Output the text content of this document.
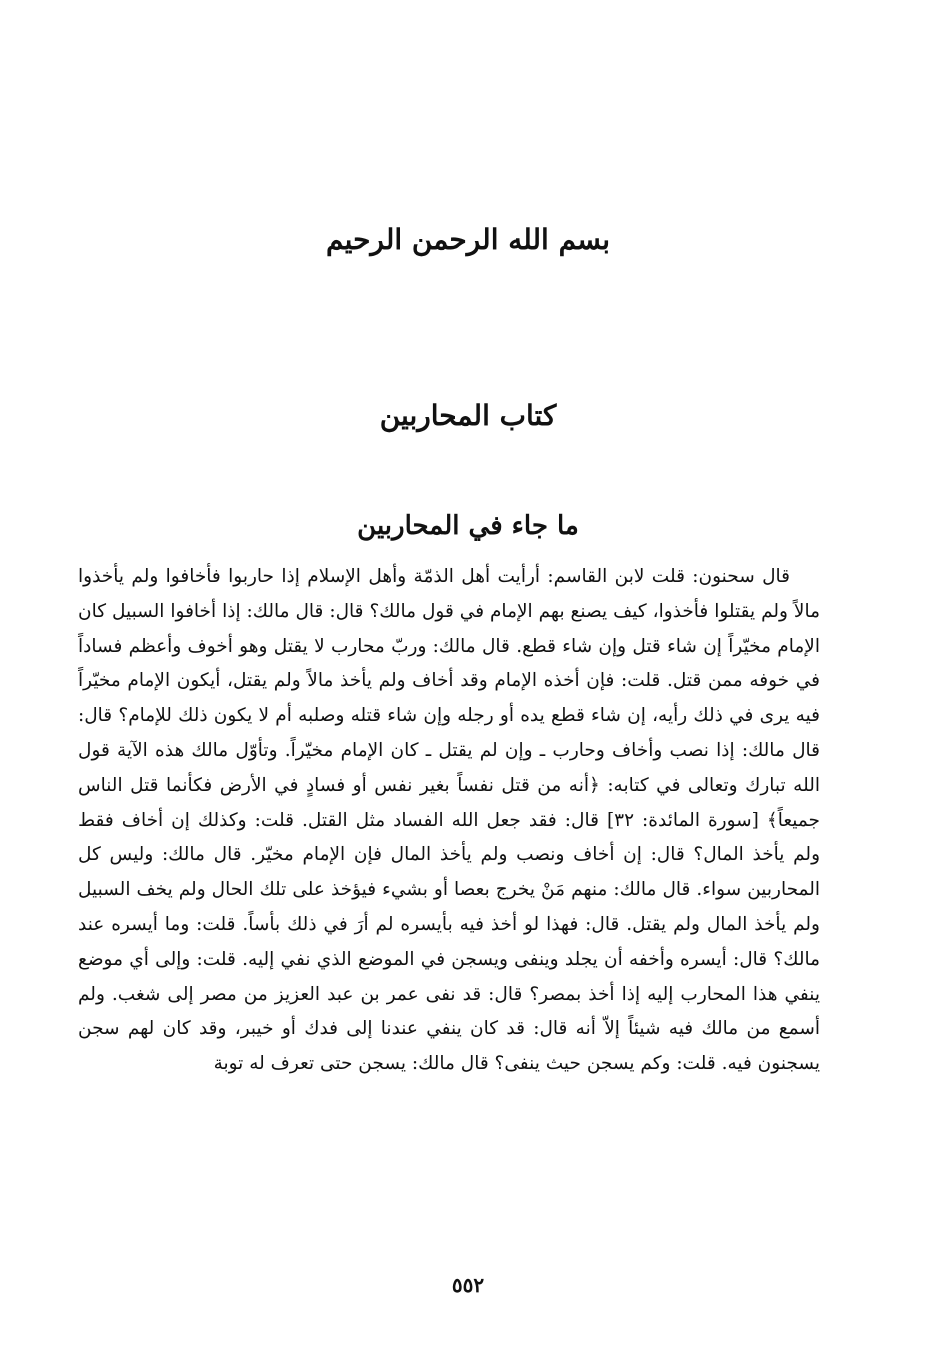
بسم الله الرحمن الرحيم
كتاب المحاربين
ما جاء في المحاربين

قال سحنون: قلت لابن القاسم: أرأيت أهل الذمّة وأهل الإسلام إذا حاربوا فأخافوا ولم يأخذوا مالاً ولم يقتلوا فأخذوا، كيف يصنع بهم الإمام في قول مالك؟ قال: قال مالك: إذا أخافوا السبيل كان الإمام مخيّراً إن شاء قتل وإن شاء قطع. قال مالك: وربّ محارب لا يقتل وهو أخوف وأعظم فساداً في خوفه ممن قتل. قلت: فإن أخذه الإمام وقد أخاف ولم يأخذ مالاً ولم يقتل، أيكون الإمام مخيّراً فيه يرى في ذلك رأيه، إن شاء قطع يده أو رجله وإن شاء قتله وصلبه أم لا يكون ذلك للإمام؟ قال: قال مالك: إذا نصب وأخاف وحارب ـ وإن لم يقتل ـ كان الإمام مخيّراً. وتأوّل مالك هذه الآية قول الله تبارك وتعالى في كتابه: ﴿أنه من قتل نفساً بغير نفس أو فسادٍ في الأرض فكأنما قتل الناس جميعاً﴾ [سورة المائدة: ٣٢] قال: فقد جعل الله الفساد مثل القتل. قلت: وكذلك إن أخاف فقط ولم يأخذ المال؟ قال: إن أخاف ونصب ولم يأخذ المال فإن الإمام مخيّر. قال مالك: وليس كل المحاربين سواء. قال مالك: منهم مَنْ يخرج بعصا أو بشيء فيؤخذ على تلك الحال ولم يخف السبيل ولم يأخذ المال ولم يقتل. قال: فهذا لو أخذ فيه بأيسره لم أرَ في ذلك بأساً. قلت: وما أيسره عند مالك؟ قال: أيسره وأخفه أن يجلد وينفى ويسجن في الموضع الذي نفي إليه. قلت: وإلى أي موضع ينفي هذا المحارب إليه إذا أخذ بمصر؟ قال: قد نفى عمر بن عبد العزيز من مصر إلى شغب. ولم أسمع من مالك فيه شيئاً إلاّ أنه قال: قد كان ينفي عندنا إلى فدك أو خيبر، وقد كان لهم سجن يسجنون فيه. قلت: وكم يسجن حيث ينفى؟ قال مالك: يسجن حتى تعرف له توبة

٥٥٢
